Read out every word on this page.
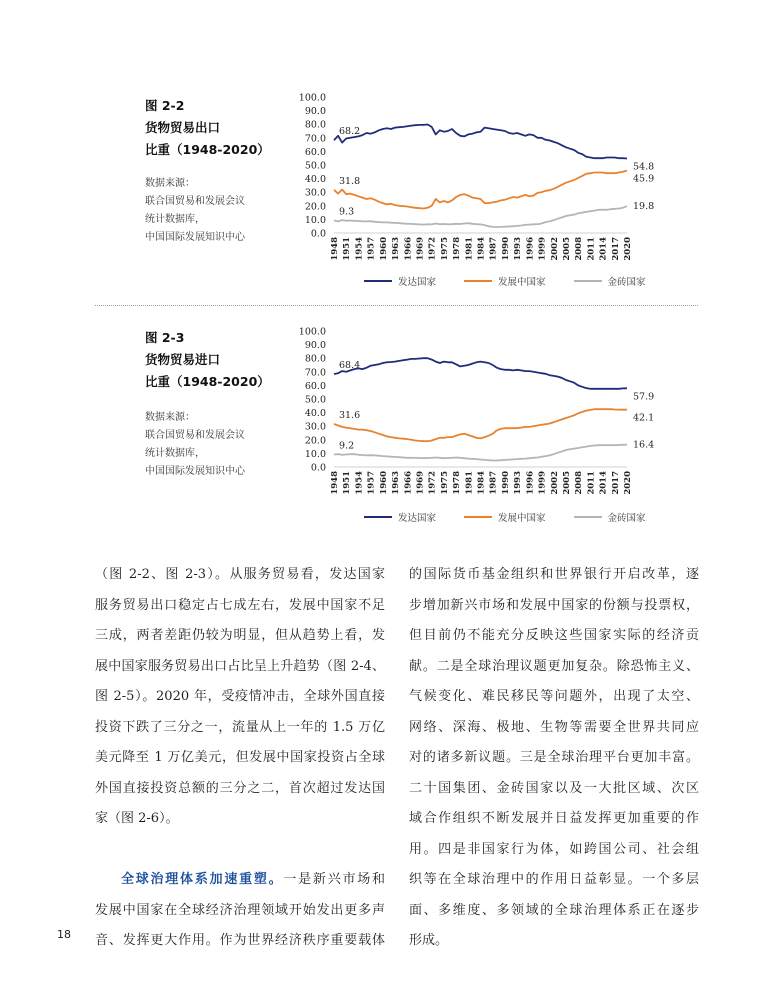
图 2-2
货物贸易出口
比重（1948-2020）
数据来源：
联合国贸易和发展会议
统计数据库，
中国国际发展知识中心	0.0
10.0
20.0
30.0
40.0
50.0
60.0
70.0
80.0
90.0
100.0
1948 1951 1954 1957 1960 1963 1966 1969 1972 1975 1978 1981 1984 1987 1990 1993 1996 1999 2002 2005 2008 2011 2014 2017 2020
68.2
54.8
31.8	45.9
9.3	19.8
发达国家	发展中国家	金砖国家
图 2-3
货物贸易进口
比重（1948-2020）
数据来源：
联合国贸易和发展会议
统计数据库，
中国国际发展知识中心	0.0
10.0
20.0
30.0
40.0
50.0
60.0
70.0
80.0
90.0
100.0
1948 1951 1954 1957 1960 1963 1966 1969 1972 1975 1978 1981 1984 1987 1990 1993 1996 1999 2002 2005 2008 2011 2014 2017 2020
68.4
57.9
31.6	42.1
9.2	16.4
发达国家	发展中国家	金砖国家
（图 2-2、图 2-3）。从服务贸易看，发达国家
服务贸易出口稳定占七成左右，发展中国家不足
三成，两者差距仍较为明显，但从趋势上看，发
展中国家服务贸易出口占比呈上升趋势（图 2-4、
图 2-5）。2020 年，受疫情冲击，全球外国直接
投资下跌了三分之一，流量从上一年的 1.5 万亿
美元降至 1 万亿美元，但发展中国家投资占全球
外国直接投资总额的三分之二，首次超过发达国
家（图 2-6）。
全球治理体系加速重塑。一是新兴市场和
发展中国家在全球经济治理领域开始发出更多声
音、发挥更大作用。作为世界经济秩序重要载体
的国际货币基金组织和世界银行开启改革，逐
步增加新兴市场和发展中国家的份额与投票权，
但目前仍不能充分反映这些国家实际的经济贡
献。二是全球治理议题更加复杂。除恐怖主义、
气候变化、难民移民等问题外，出现了太空、
网络、深海、极地、生物等需要全世界共同应
对的诸多新议题。三是全球治理平台更加丰富。
二十国集团、金砖国家以及一大批区域、次区
域合作组织不断发展并日益发挥更加重要的作
用。四是非国家行为体，如跨国公司、社会组
织等在全球治理中的作用日益彰显。一个多层
面、多维度、多领域的全球治理体系正在逐步
形成。
18
